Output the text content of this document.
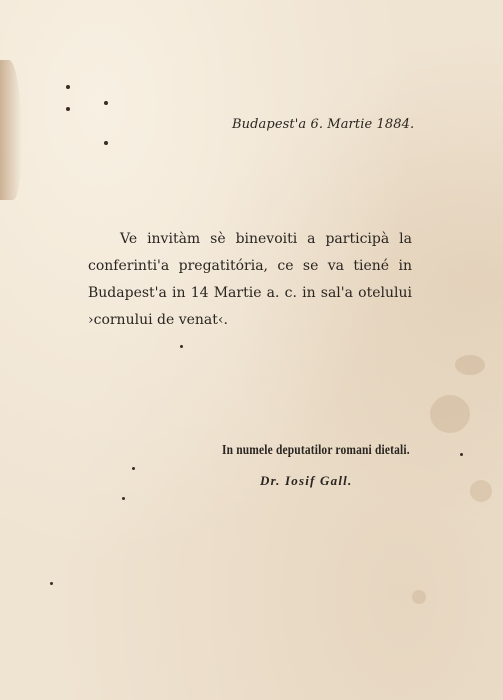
Budapest'a 6. Martie 1884.
Ve invitàm sè binevoiti a participà la
conferinti'a pregatitória, ce se va tiené in
Budapest'a in 14 Martie a. c. in sal'a otelului
›cornului de venat‹.
In numele deputatilor romani dietali.
Dr. Iosif Gall.
